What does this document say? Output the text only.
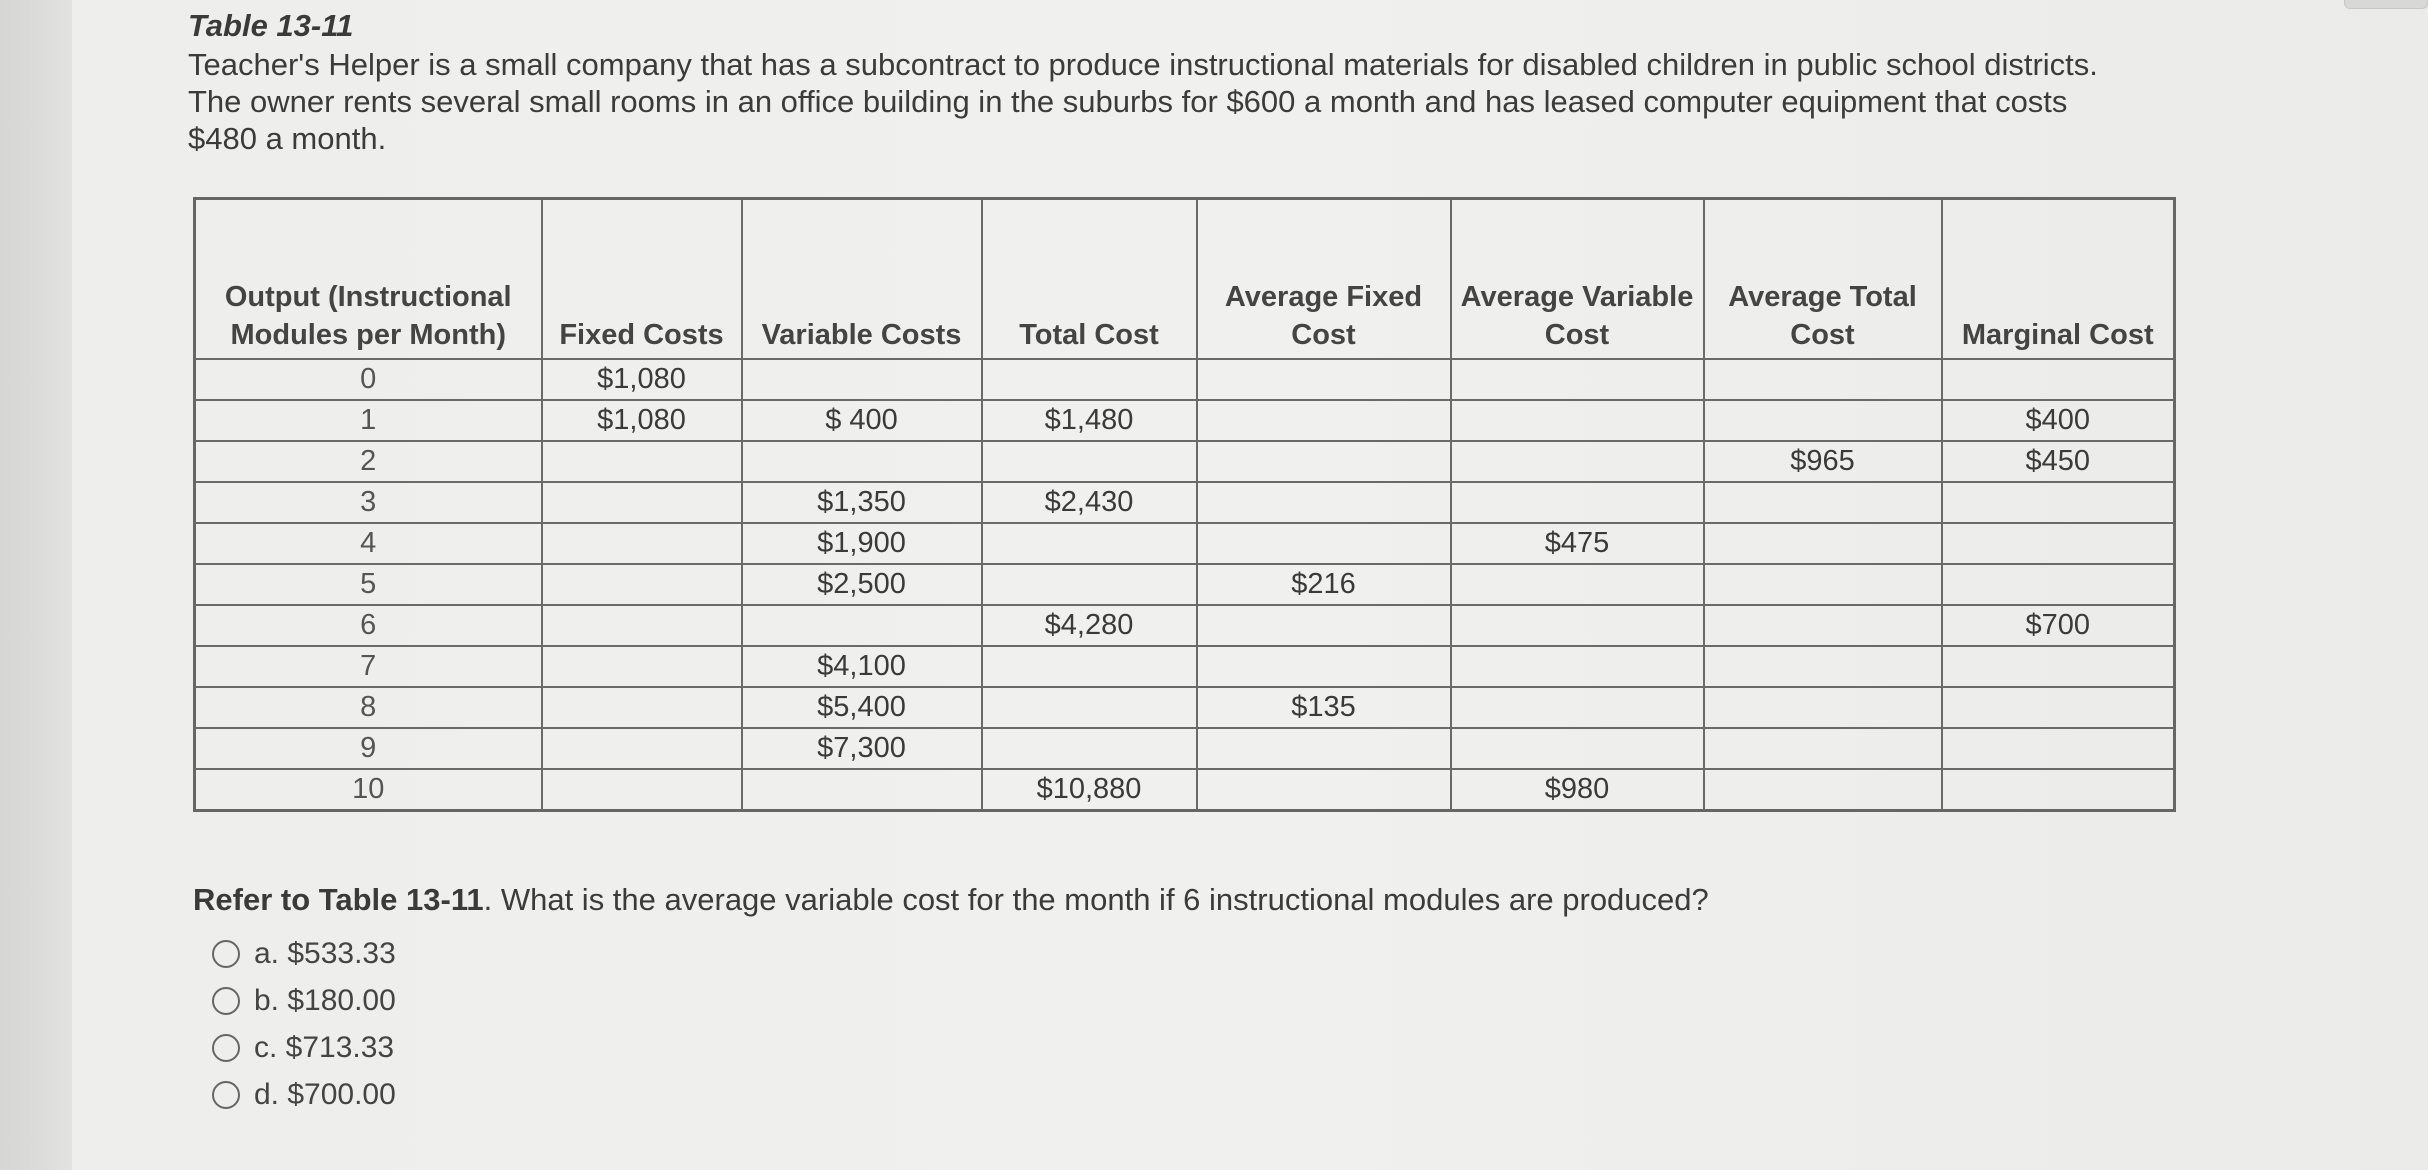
Table 13-11
Teacher's Helper is a small company that has a subcontract to produce instructional materials for disabled children in public school districts. The owner rents several small rooms in an office building in the suburbs for $600 a month and has leased computer equipment that costs $480 a month.
Output (Instructional Modules per Month)	Fixed Costs	Variable Costs	Total Cost	Average Fixed Cost	Average Variable Cost	Average Total Cost	Marginal Cost
0	$1,080						
1	$1,080	$ 400	$1,480				$400
2						$965	$450
3		$1,350	$2,430				
4		$1,900			$475		
5		$2,500		$216			
6			$4,280				$700
7		$4,100					
8		$5,400		$135			
9		$7,300					
10			$10,880		$980		
Refer to Table 13-11. What is the average variable cost for the month if 6 instructional modules are produced?
a. $533.33
b. $180.00
c. $713.33
d. $700.00
